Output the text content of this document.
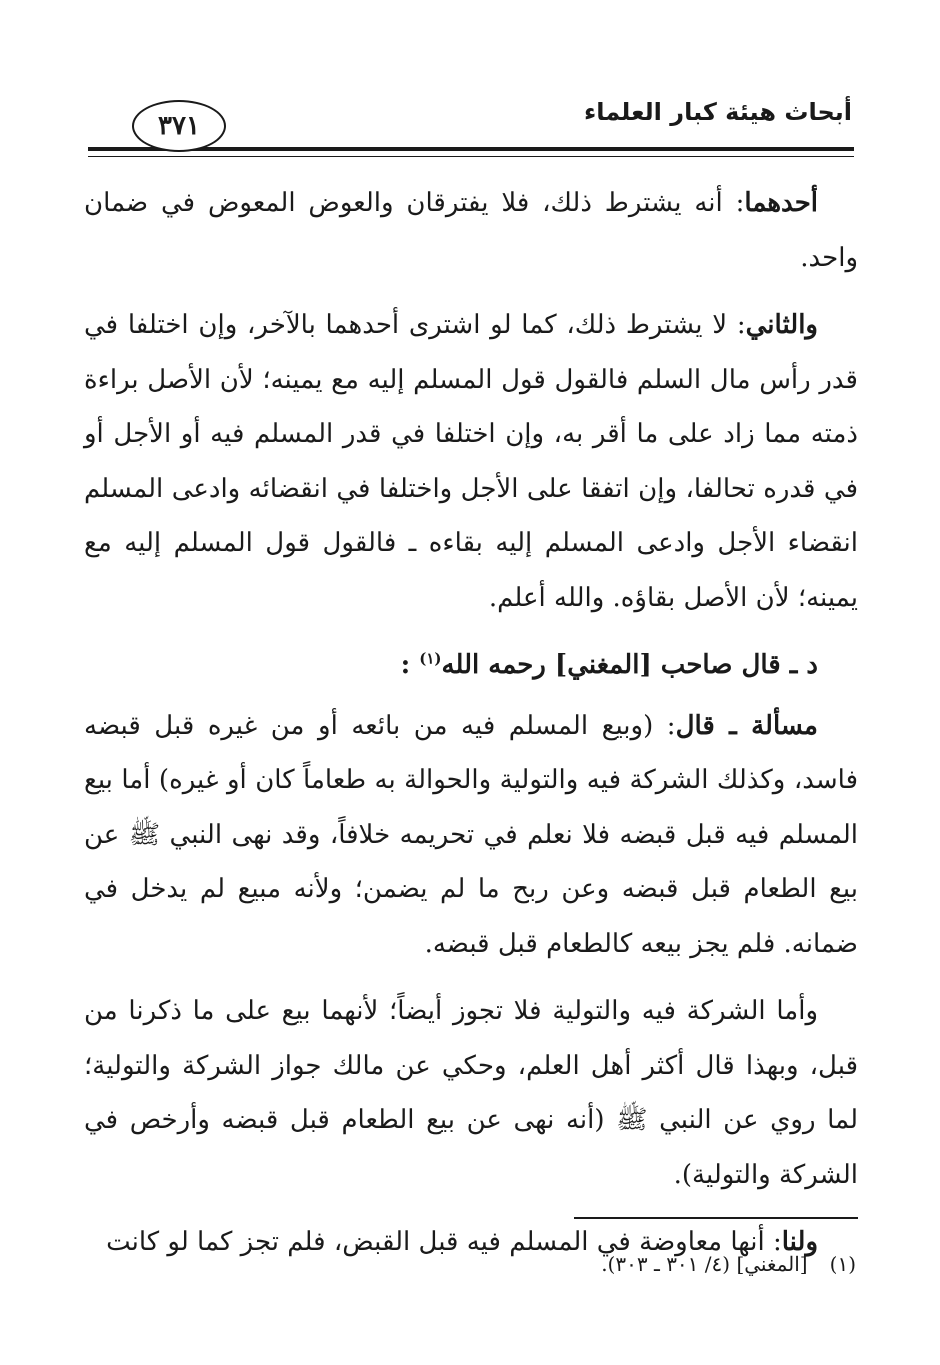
أبحاث هيئة كبار العلماء
٣٧١

أحدهما: أنه يشترط ذلك، فلا يفترقان والعوض المعوض في ضمان واحد.

والثاني: لا يشترط ذلك، كما لو اشترى أحدهما بالآخر، وإن اختلفا في قدر رأس مال السلم فالقول قول المسلم إليه مع يمينه؛ لأن الأصل براءة ذمته مما زاد على ما أقر به، وإن اختلفا في قدر المسلم فيه أو الأجل أو في قدره تحالفا، وإن اتفقا على الأجل واختلفا في انقضائه وادعى المسلم انقضاء الأجل وادعى المسلم إليه بقاءه ـ فالقول قول المسلم إليه مع يمينه؛ لأن الأصل بقاؤه. والله أعلم.

د ـ قال صاحب [المغني] رحمه الله$^{(١)}$ :

مسألة ـ قال: (وبيع المسلم فيه من بائعه أو من غيره قبل قبضه فاسد، وكذلك الشركة فيه والتولية والحوالة به طعاماً كان أو غيره) أما بيع المسلم فيه قبل قبضه فلا نعلم في تحريمه خلافاً، وقد نهى النبي ﷺ عن بيع الطعام قبل قبضه وعن ربح ما لم يضمن؛ ولأنه مبيع لم يدخل في ضمانه. فلم يجز بيعه كالطعام قبل قبضه.

وأما الشركة فيه والتولية فلا تجوز أيضاً؛ لأنهما بيع على ما ذكرنا من قبل، وبهذا قال أكثر أهل العلم، وحكي عن مالك جواز الشركة والتولية؛ لما روي عن النبي ﷺ (أنه نهى عن بيع الطعام قبل قبضه وأرخص في الشركة والتولية).

ولنا: أنها معاوضة في المسلم فيه قبل القبض، فلم تجز كما لو كانت

(١)[المغني] (٤/ ٣٠١ ـ ٣٠٣).
